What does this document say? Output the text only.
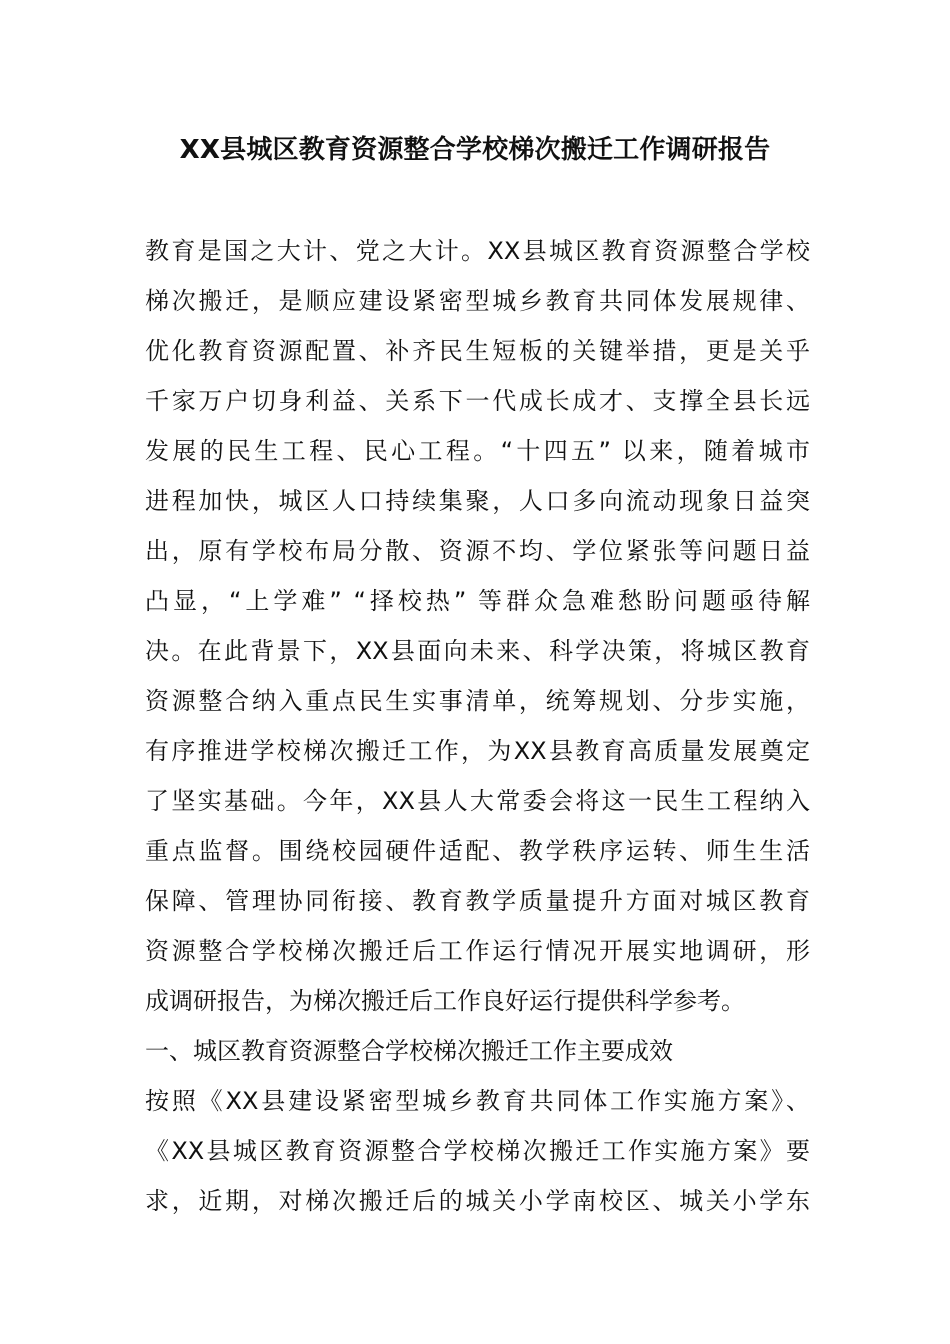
XX县城区教育资源整合学校梯次搬迁工作调研报告
教育是国之大计、党之大计。XX县城区教育资源整合学校
梯次搬迁，是顺应建设紧密型城乡教育共同体发展规律、
优化教育资源配置、补齐民生短板的关键举措，更是关乎
千家万户切身利益、关系下一代成长成才、支撑全县长远
发展的民生工程、民心工程。“十四五” 以来，随着城市
进程加快，城区人口持续集聚，人口多向流动现象日益突
出，原有学校布局分散、资源不均、学位紧张等问题日益
凸显，“上学难” “择校热” 等群众急难愁盼问题亟待解
决。在此背景下，XX县面向未来、科学决策，将城区教育
资源整合纳入重点民生实事清单，统筹规划、分步实施，
有序推进学校梯次搬迁工作，为XX县教育高质量发展奠定
了坚实基础。今年，XX县人大常委会将这一民生工程纳入
重点监督。围绕校园硬件适配、教学秩序运转、师生生活
保障、管理协同衔接、教育教学质量提升方面对城区教育
资源整合学校梯次搬迁后工作运行情况开展实地调研，形
成调研报告，为梯次搬迁后工作良好运行提供科学参考。
一、城区教育资源整合学校梯次搬迁工作主要成效
按照《XX县建设紧密型城乡教育共同体工作实施方案》、
《XX县城区教育资源整合学校梯次搬迁工作实施方案》要
求，近期，对梯次搬迁后的城关小学南校区、城关小学东
